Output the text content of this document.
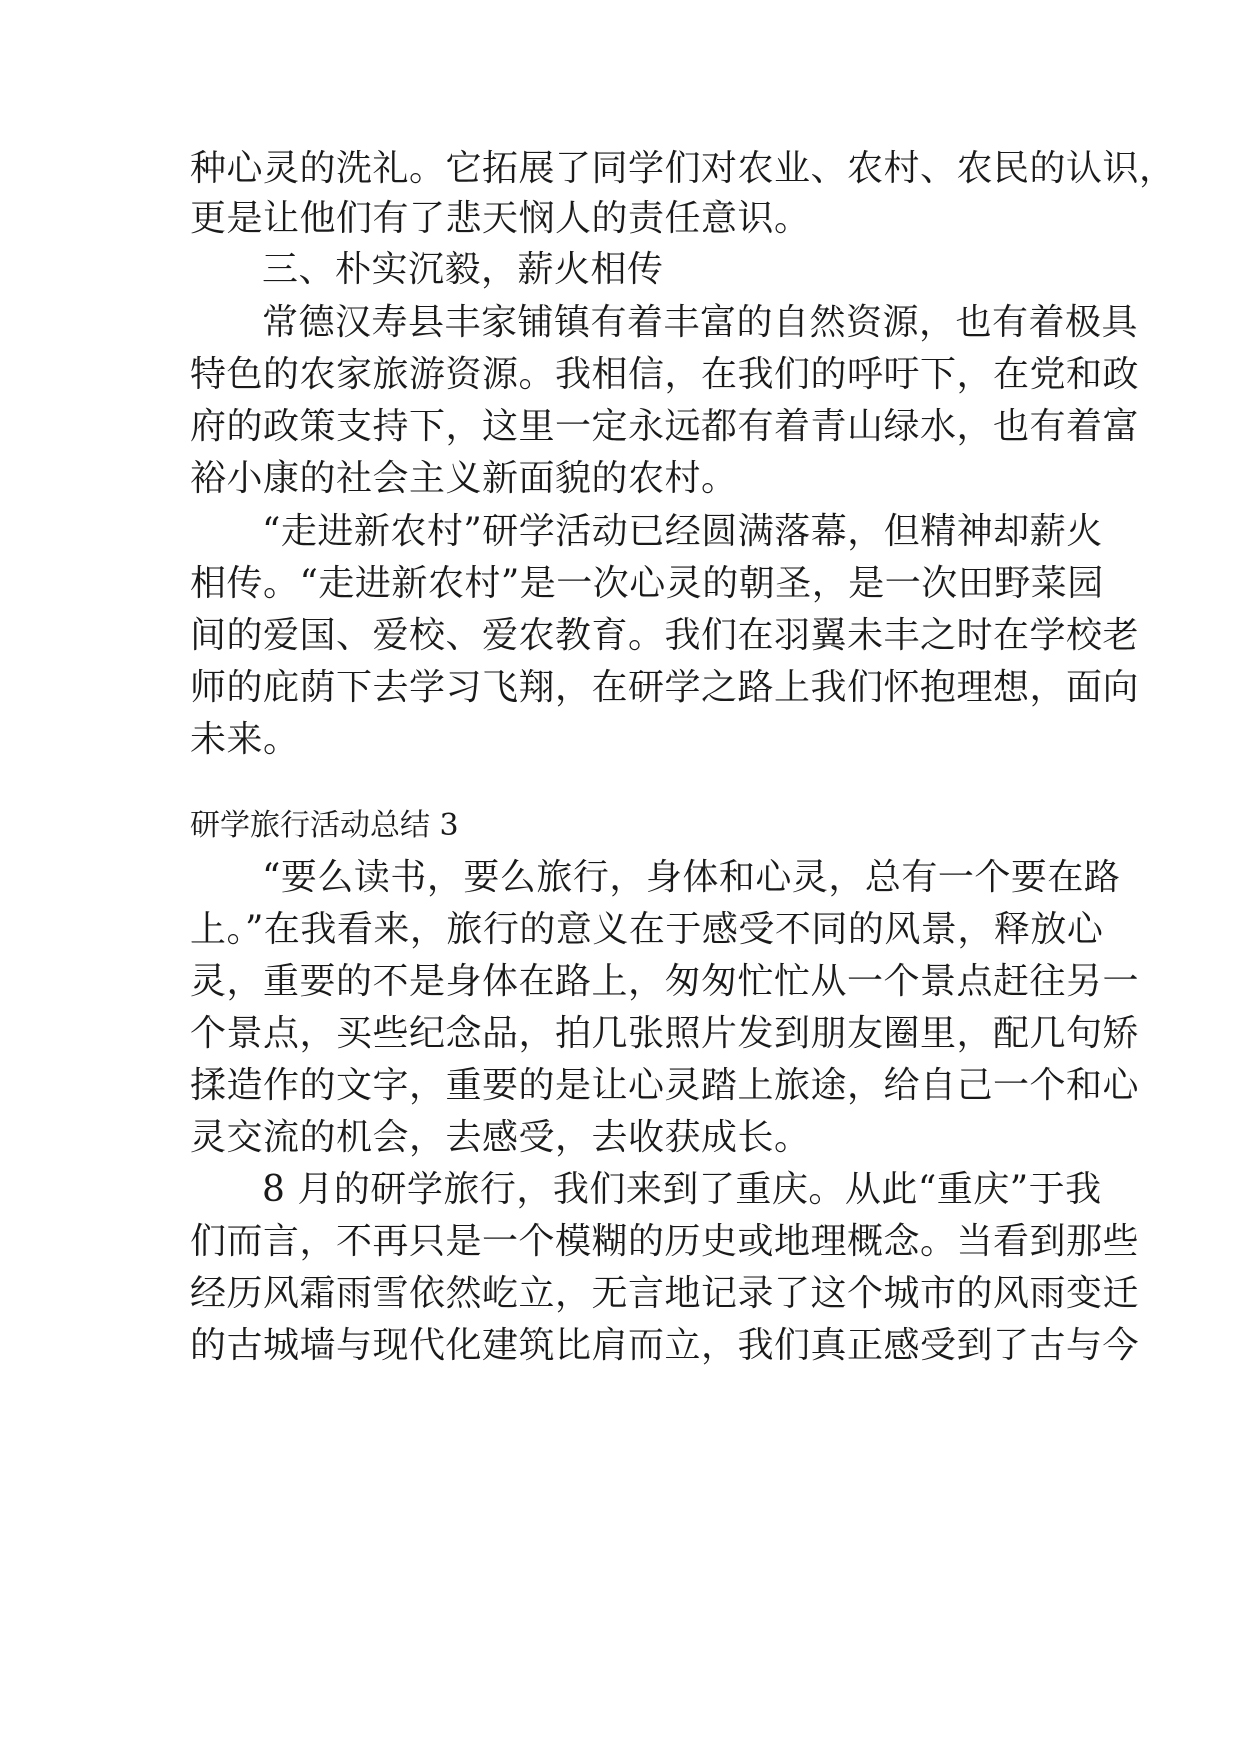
种心灵的洗礼。它拓展了同学们对农业、农村、农民的认识，
更是让他们有了悲天悯人的责任意识。
三、朴实沉毅，薪火相传
常德汉寿县丰家铺镇有着丰富的自然资源，也有着极具
特色的农家旅游资源。我相信，在我们的呼吁下，在党和政
府的政策支持下，这里一定永远都有着青山绿水，也有着富
裕小康的社会主义新面貌的农村。
“走进新农村”研学活动已经圆满落幕，但精神却薪火
相传。“走进新农村”是一次心灵的朝圣，是一次田野菜园
间的爱国、爱校、爱农教育。我们在羽翼未丰之时在学校老
师的庇荫下去学习飞翔，在研学之路上我们怀抱理想，面向
未来。
研学旅行活动总结 3
“要么读书，要么旅行，身体和心灵，总有一个要在路
上。”在我看来，旅行的意义在于感受不同的风景，释放心
灵，重要的不是身体在路上，匆匆忙忙从一个景点赶往另一
个景点，买些纪念品，拍几张照片发到朋友圈里，配几句矫
揉造作的文字，重要的是让心灵踏上旅途，给自己一个和心
灵交流的机会，去感受，去收获成长。
8 月的研学旅行，我们来到了重庆。从此“重庆”于我
们而言，不再只是一个模糊的历史或地理概念。当看到那些
经历风霜雨雪依然屹立，无言地记录了这个城市的风雨变迁
的古城墙与现代化建筑比肩而立，我们真正感受到了古与今
